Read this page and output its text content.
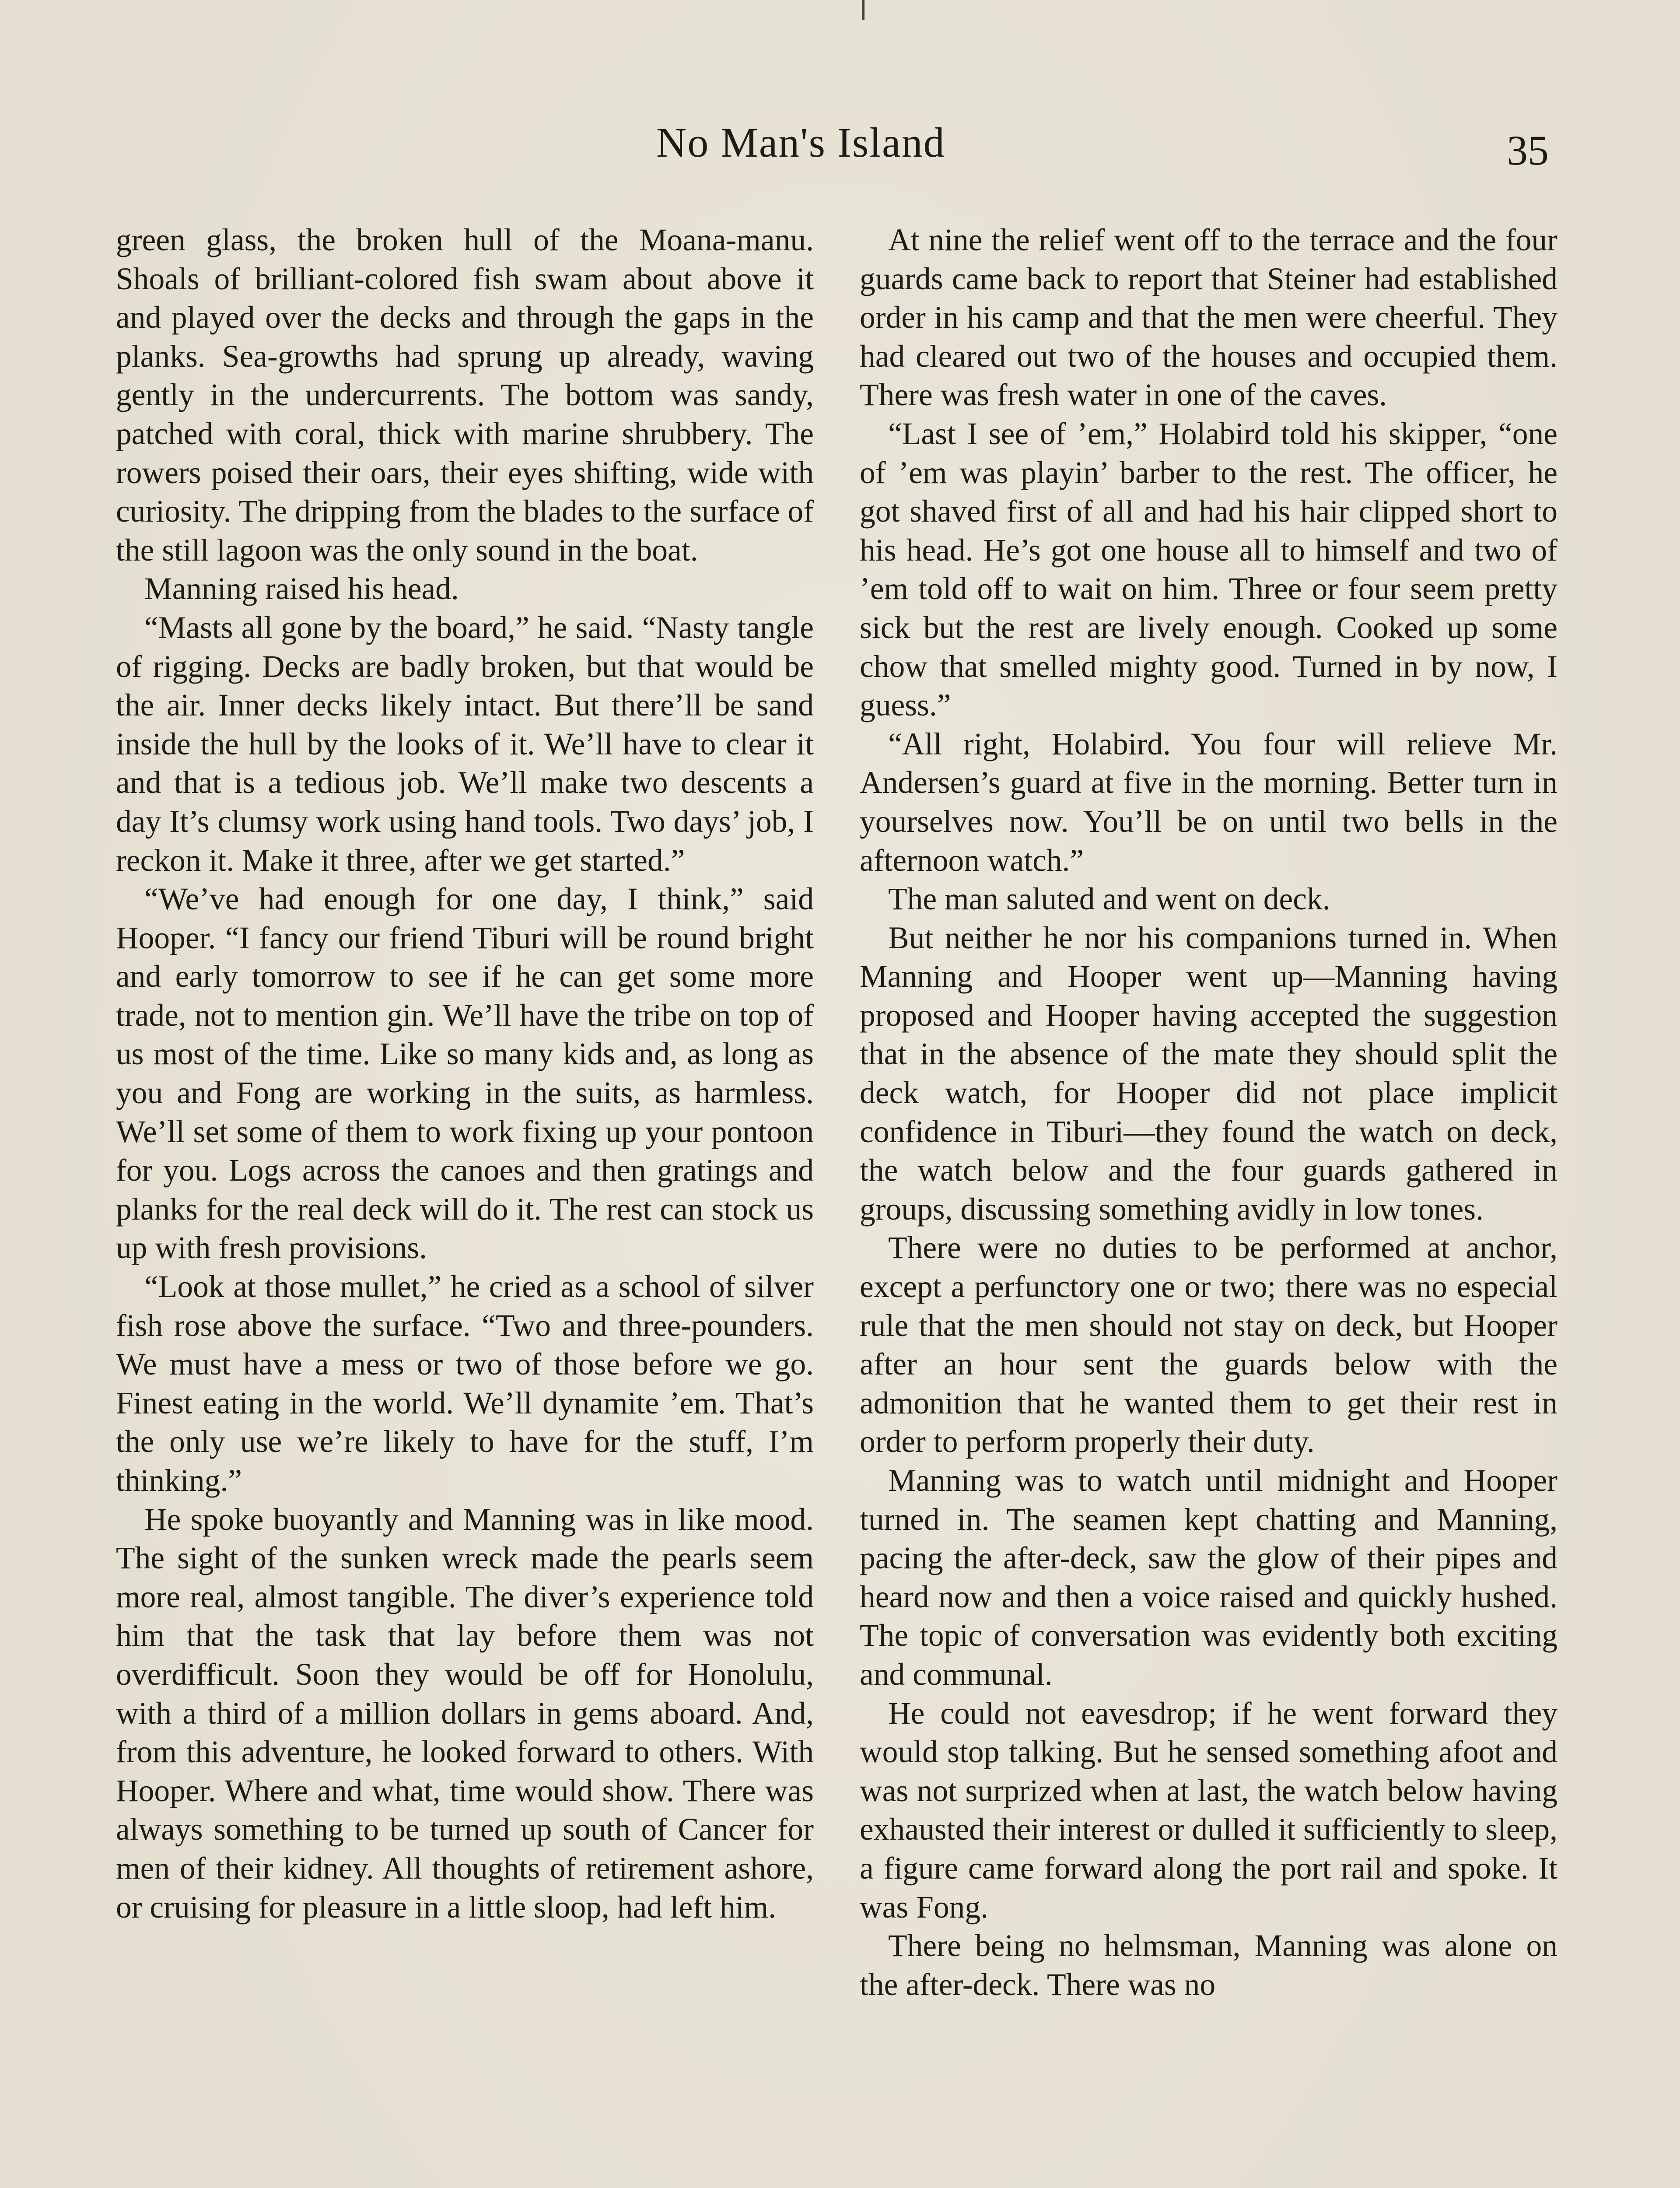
No Man's Island	35

green glass, the broken hull of the Moana-manu. Shoals of brilliant-colored fish swam about above it and played over the decks and through the gaps in the planks. Sea-growths had sprung up already, waving gently in the undercurrents. The bottom was sandy, patched with coral, thick with marine shrubbery. The rowers poised their oars, their eyes shifting, wide with curiosity. The dripping from the blades to the surface of the still lagoon was the only sound in the boat.

Manning raised his head.

“Masts all gone by the board,” he said. “Nasty tangle of rigging. Decks are badly broken, but that would be the air. Inner decks likely intact. But there’ll be sand inside the hull by the looks of it. We’ll have to clear it and that is a tedious job. We’ll make two descents a day It’s clumsy work using hand tools. Two days’ job, I reckon it. Make it three, after we get started.”

“We’ve had enough for one day, I think,” said Hooper. “I fancy our friend Tiburi will be round bright and early tomorrow to see if he can get some more trade, not to mention gin. We’ll have the tribe on top of us most of the time. Like so many kids and, as long as you and Fong are working in the suits, as harmless. We’ll set some of them to work fixing up your pontoon for you. Logs across the canoes and then gratings and planks for the real deck will do it. The rest can stock us up with fresh provisions.

“Look at those mullet,” he cried as a school of silver fish rose above the surface. “Two and three-pounders. We must have a mess or two of those before we go. Finest eating in the world. We’ll dynamite ’em. That’s the only use we’re likely to have for the stuff, I’m thinking.”

He spoke buoyantly and Manning was in like mood. The sight of the sunken wreck made the pearls seem more real, almost tangible. The diver’s experience told him that the task that lay before them was not overdifficult. Soon they would be off for Honolulu, with a third of a million dollars in gems aboard. And, from this adventure, he looked forward to others. With Hooper. Where and what, time would show. There was always something to be turned up south of Cancer for men of their kidney. All thoughts of retirement ashore, or cruising for pleasure in a little sloop, had left him.

At nine the relief went off to the terrace and the four guards came back to report that Steiner had established order in his camp and that the men were cheerful. They had cleared out two of the houses and occupied them. There was fresh water in one of the caves.

“Last I see of ’em,” Holabird told his skipper, “one of ’em was playin’ barber to the rest. The officer, he got shaved first of all and had his hair clipped short to his head. He’s got one house all to himself and two of ’em told off to wait on him. Three or four seem pretty sick but the rest are lively enough. Cooked up some chow that smelled mighty good. Turned in by now, I guess.”

“All right, Holabird. You four will relieve Mr. Andersen’s guard at five in the morning. Better turn in yourselves now. You’ll be on until two bells in the afternoon watch.”

The man saluted and went on deck.

But neither he nor his companions turned in. When Manning and Hooper went up—Manning having proposed and Hooper having accepted the suggestion that in the absence of the mate they should split the deck watch, for Hooper did not place implicit confidence in Tiburi—they found the watch on deck, the watch below and the four guards gathered in groups, discussing something avidly in low tones.

There were no duties to be performed at anchor, except a perfunctory one or two; there was no especial rule that the men should not stay on deck, but Hooper after an hour sent the guards below with the admonition that he wanted them to get their rest in order to perform properly their duty.

Manning was to watch until midnight and Hooper turned in. The seamen kept chatting and Manning, pacing the after-deck, saw the glow of their pipes and heard now and then a voice raised and quickly hushed. The topic of conversation was evidently both exciting and communal.

He could not eavesdrop; if he went forward they would stop talking. But he sensed something afoot and was not surprized when at last, the watch below having exhausted their interest or dulled it sufficiently to sleep, a figure came forward along the port rail and spoke. It was Fong.

There being no helmsman, Manning was alone on the after-deck. There was no
